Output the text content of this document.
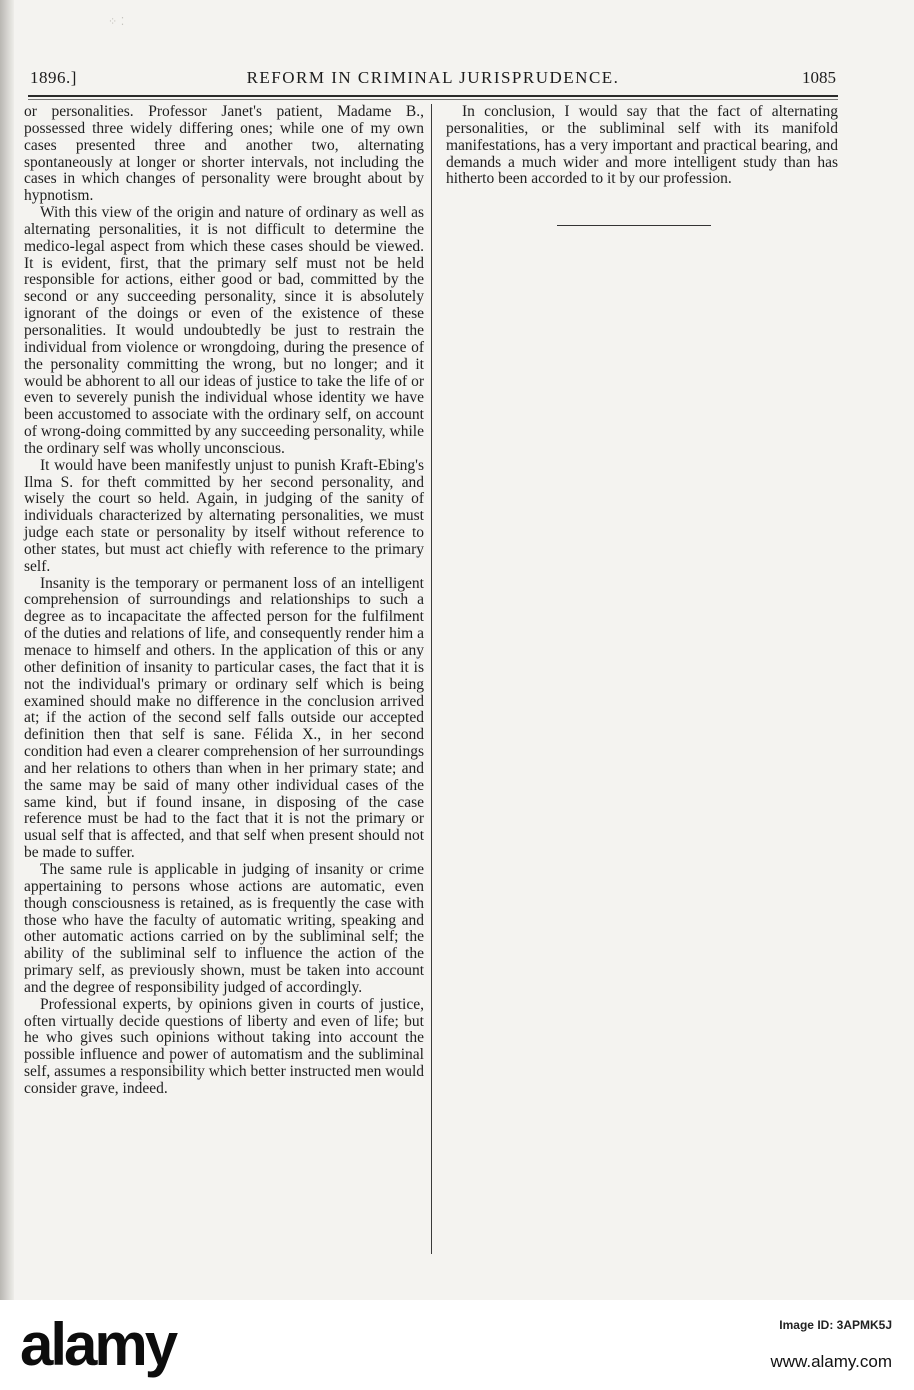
⁘ ⁚
REFORM IN CRIMINAL JURISPRUDENCE.
1896.]	1085

or personalities. Professor Janet's patient, Madame B., possessed three widely differing ones; while one of my own cases presented three and another two, alternating spontaneously at longer or shorter intervals, not including the cases in which changes of personality were brought about by hypnotism.

With this view of the origin and nature of ordinary as well as alternating personalities, it is not difficult to determine the medico-legal aspect from which these cases should be viewed. It is evident, first, that the primary self must not be held responsible for actions, either good or bad, committed by the second or any succeeding personality, since it is absolutely ignorant of the doings or even of the existence of these personalities. It would undoubtedly be just to restrain the individual from violence or wrongdoing, during the presence of the personality committing the wrong, but no longer; and it would be abhorent to all our ideas of justice to take the life of or even to severely punish the individual whose identity we have been accustomed to associate with the ordinary self, on account of wrong-doing committed by any succeeding personality, while the ordinary self was wholly unconscious.

It would have been manifestly unjust to punish Kraft-Ebing's Ilma S. for theft committed by her second personality, and wisely the court so held. Again, in judging of the sanity of individuals characterized by alternating personalities, we must judge each state or personality by itself without reference to other states, but must act chiefly with reference to the primary self.

Insanity is the temporary or permanent loss of an intelligent comprehension of surroundings and relationships to such a degree as to incapacitate the affected person for the fulfilment of the duties and relations of life, and consequently render him a menace to himself and others. In the application of this or any other definition of insanity to particular cases, the fact that it is not the individual's primary or ordinary self which is being examined should make no difference in the conclusion arrived at; if the action of the second self falls outside our accepted definition then that self is sane. Félida X., in her second condition had even a clearer comprehension of her surroundings and her relations to others than when in her primary state; and the same may be said of many other individual cases of the same kind, but if found insane, in disposing of the case reference must be had to the fact that it is not the primary or usual self that is affected, and that self when present should not be made to suffer.

The same rule is applicable in judging of insanity or crime appertaining to persons whose actions are automatic, even though consciousness is retained, as is frequently the case with those who have the faculty of automatic writing, speaking and other automatic actions carried on by the subliminal self; the ability of the subliminal self to influence the action of the primary self, as previously shown, must be taken into account and the degree of responsibility judged of accordingly.

Professional experts, by opinions given in courts of justice, often virtually decide questions of liberty and even of life; but he who gives such opinions without taking into account the possible influence and power of automatism and the subliminal self, assumes a responsibility which better instructed men would consider grave, indeed.

In conclusion, I would say that the fact of alternating personalities, or the subliminal self with its manifold manifestations, has a very important and practical bearing, and demands a much wider and more intelligent study than has hitherto been accorded to it by our profession.

alamy	Image ID: 3APMK5J
www.alamy.com
